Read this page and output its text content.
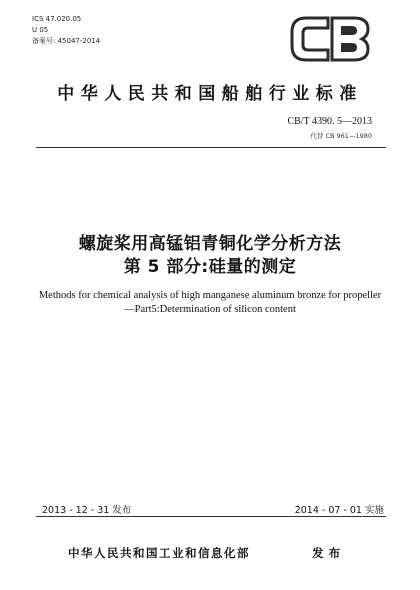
ICS 47.020.05
U 05
备案号: 45047-2014
中华人民共和国船舶行业标准
CB/T 4390. 5—2013
代替 CB 961—1980
螺旋桨用高锰铝青铜化学分析方法
第 5 部分:硅量的测定
Methods for chemical analysis of high manganese aluminum bronze for propeller
—Part5:Determination of silicon content
2013 - 12 - 31 发布	2014 - 07 - 01 实施
中华人民共和国工业和信息化部	发布
